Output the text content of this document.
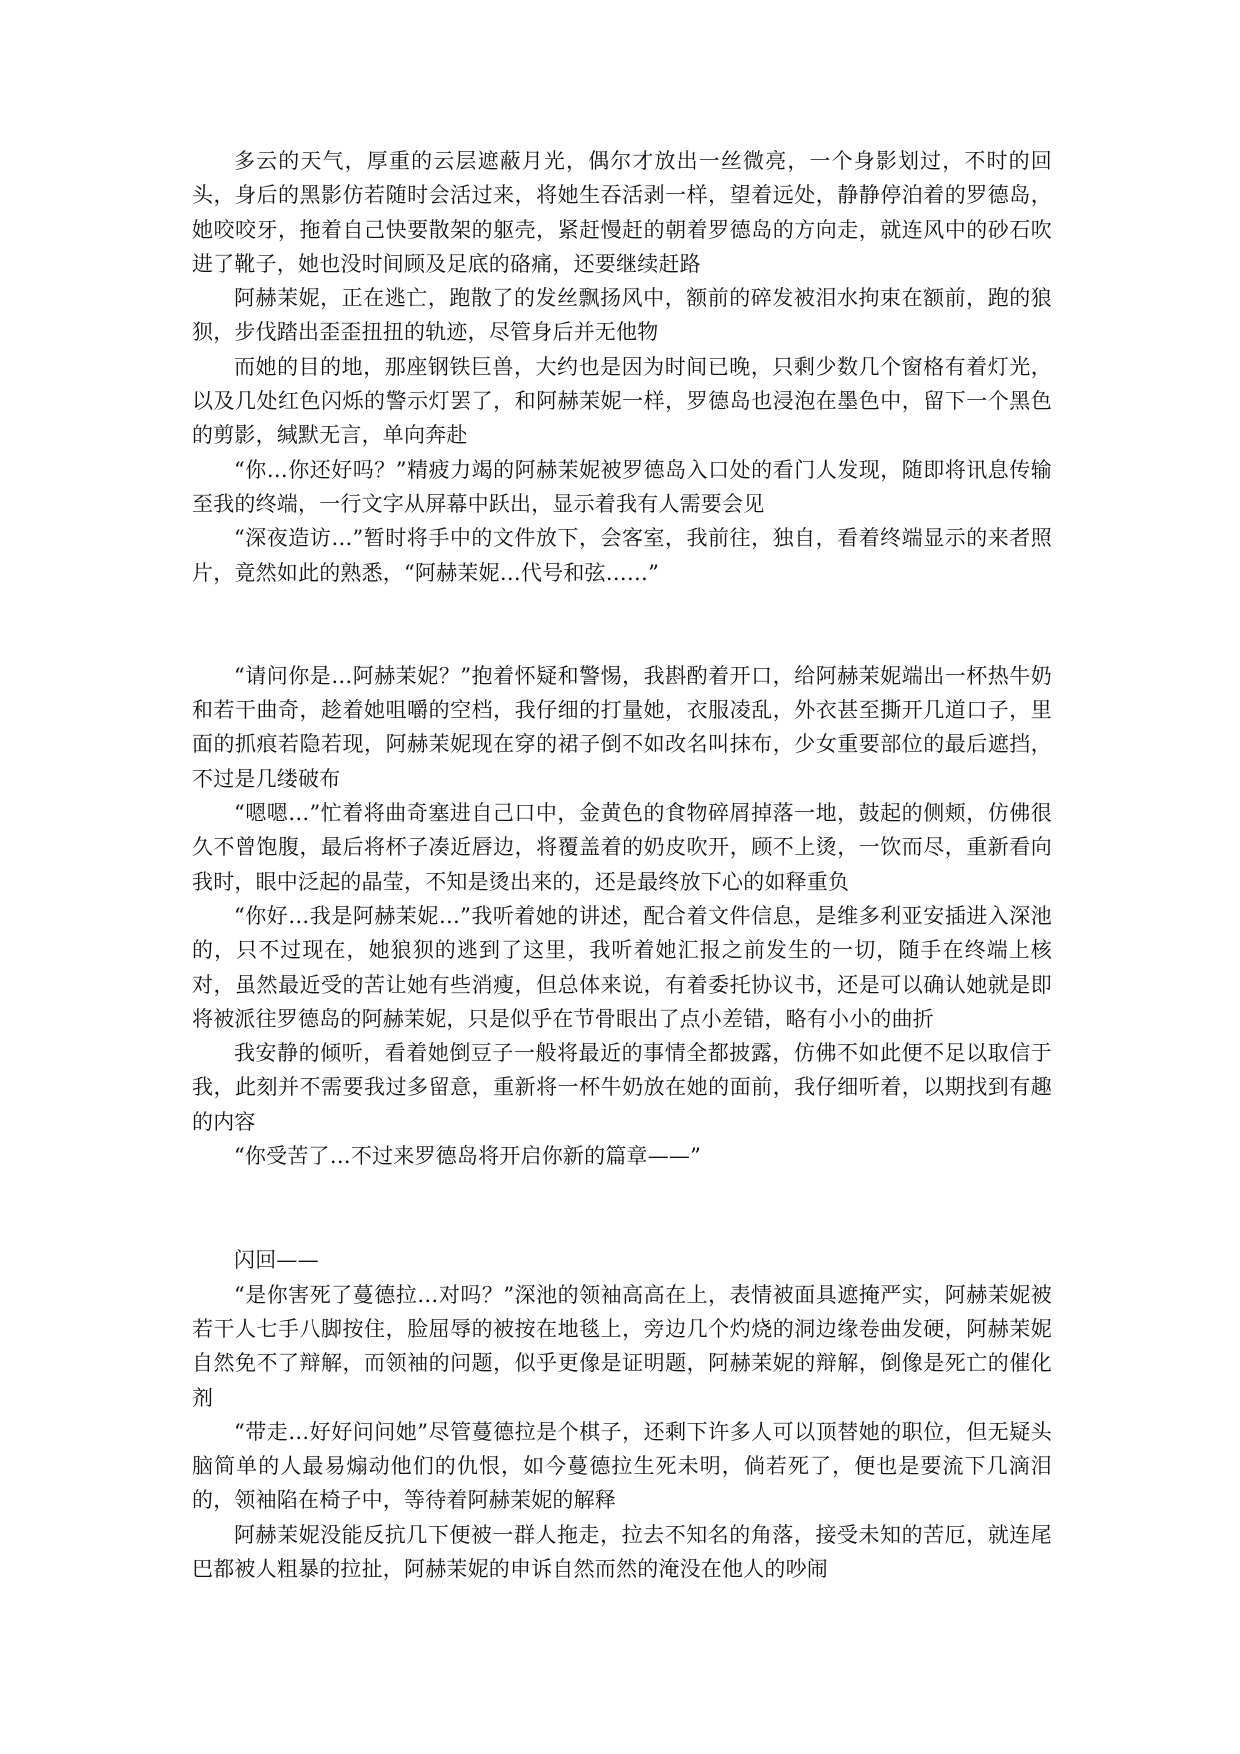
多云的天气，厚重的云层遮蔽月光，偶尔才放出一丝微亮，一个身影划过，不时的回头，身后的黑影仿若随时会活过来，将她生吞活剥一样，望着远处，静静停泊着的罗德岛，她咬咬牙，拖着自己快要散架的躯壳，紧赶慢赶的朝着罗德岛的方向走，就连风中的砂石吹进了靴子，她也没时间顾及足底的硌痛，还要继续赶路

阿赫茉妮，正在逃亡，跑散了的发丝飘扬风中，额前的碎发被泪水拘束在额前，跑的狼狈，步伐踏出歪歪扭扭的轨迹，尽管身后并无他物

而她的目的地，那座钢铁巨兽，大约也是因为时间已晚，只剩少数几个窗格有着灯光，以及几处红色闪烁的警示灯罢了，和阿赫茉妮一样，罗德岛也浸泡在墨色中，留下一个黑色的剪影，缄默无言，单向奔赴

“你…你还好吗？”精疲力竭的阿赫茉妮被罗德岛入口处的看门人发现，随即将讯息传输至我的终端，一行文字从屏幕中跃出，显示着我有人需要会见

“深夜造访…”暂时将手中的文件放下，会客室，我前往，独自，看着终端显示的来者照片，竟然如此的熟悉，“阿赫茉妮…代号和弦……”

“请问你是…阿赫茉妮？”抱着怀疑和警惕，我斟酌着开口，给阿赫茉妮端出一杯热牛奶和若干曲奇，趁着她咀嚼的空档，我仔细的打量她，衣服凌乱，外衣甚至撕开几道口子，里面的抓痕若隐若现，阿赫茉妮现在穿的裙子倒不如改名叫抹布，少女重要部位的最后遮挡，不过是几缕破布

“嗯嗯…”忙着将曲奇塞进自己口中，金黄色的食物碎屑掉落一地，鼓起的侧颊，仿佛很久不曾饱腹，最后将杯子凑近唇边，将覆盖着的奶皮吹开，顾不上烫，一饮而尽，重新看向我时，眼中泛起的晶莹，不知是烫出来的，还是最终放下心的如释重负

“你好…我是阿赫茉妮…”我听着她的讲述，配合着文件信息，是维多利亚安插进入深池的，只不过现在，她狼狈的逃到了这里，我听着她汇报之前发生的一切，随手在终端上核对，虽然最近受的苦让她有些消瘦，但总体来说，有着委托协议书，还是可以确认她就是即将被派往罗德岛的阿赫茉妮，只是似乎在节骨眼出了点小差错，略有小小的曲折

我安静的倾听，看着她倒豆子一般将最近的事情全都披露，仿佛不如此便不足以取信于我，此刻并不需要我过多留意，重新将一杯牛奶放在她的面前，我仔细听着，以期找到有趣的内容

“你受苦了…不过来罗德岛将开启你新的篇章——”

闪回——

“是你害死了蔓德拉…对吗？”深池的领袖高高在上，表情被面具遮掩严实，阿赫茉妮被若干人七手八脚按住，脸屈辱的被按在地毯上，旁边几个灼烧的洞边缘卷曲发硬，阿赫茉妮自然免不了辩解，而领袖的问题，似乎更像是证明题，阿赫茉妮的辩解，倒像是死亡的催化剂

“带走…好好问问她”尽管蔓德拉是个棋子，还剩下许多人可以顶替她的职位，但无疑头脑简单的人最易煽动他们的仇恨，如今蔓德拉生死未明，倘若死了，便也是要流下几滴泪的，领袖陷在椅子中，等待着阿赫茉妮的解释

阿赫茉妮没能反抗几下便被一群人拖走，拉去不知名的角落，接受未知的苦厄，就连尾巴都被人粗暴的拉扯，阿赫茉妮的申诉自然而然的淹没在他人的吵闹
